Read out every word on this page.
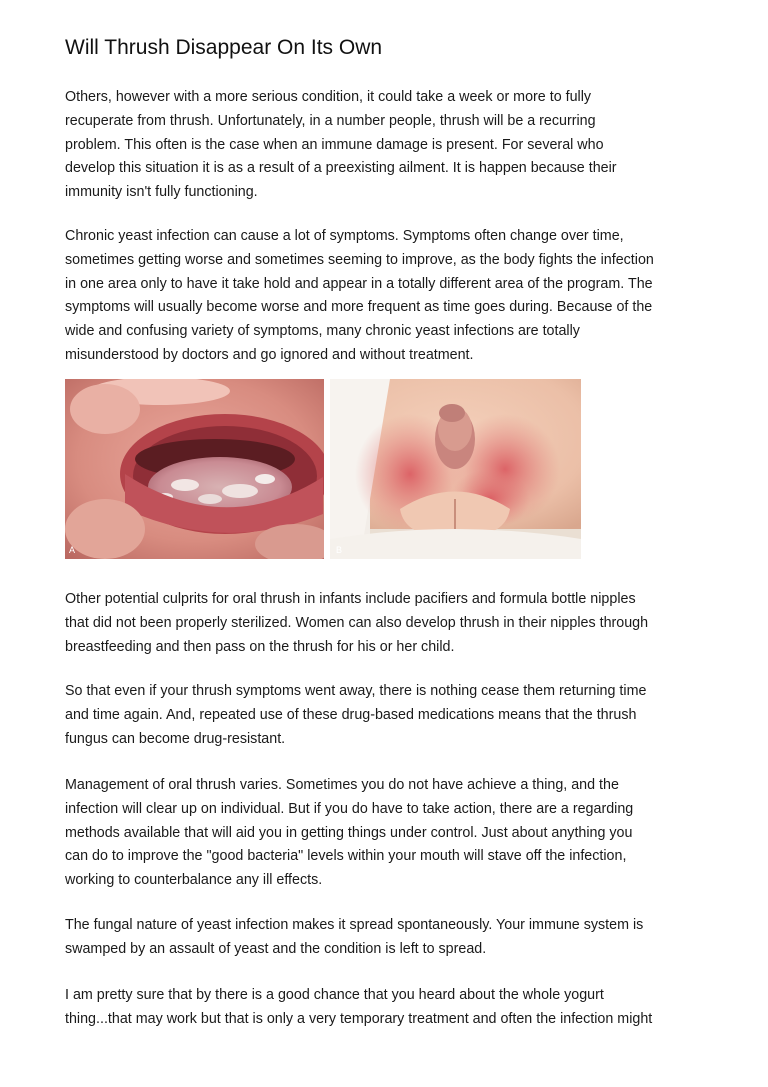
Will Thrush Disappear On Its Own

Others, however with a more serious condition, it could take a week or more to fully
recuperate from thrush. Unfortunately, in a number people, thrush will be a recurring
problem. This often is the case when an immune damage is present. For several who
develop this situation it is as a result of a preexisting ailment. It is happen because their
immunity isn't fully functioning.

Chronic yeast infection can cause a lot of symptoms. Symptoms often change over time,
sometimes getting worse and sometimes seeming to improve, as the body fights the infection
in one area only to have it take hold and appear in a totally different area of the program. The
symptoms will usually become worse and more frequent as time goes during. Because of the
wide and confusing variety of symptoms, many chronic yeast infections are totally
misunderstood by doctors and go ignored and without treatment.

A	B

Other potential culprits for oral thrush in infants include pacifiers and formula bottle nipples
that did not been properly sterilized. Women can also develop thrush in their nipples through
breastfeeding and then pass on the thrush for his or her child.

So that even if your thrush symptoms went away, there is nothing cease them returning time
and time again. And, repeated use of these drug-based medications means that the thrush
fungus can become drug-resistant.

Management of oral thrush varies. Sometimes you do not have achieve a thing, and the
infection will clear up on individual. But if you do have to take action, there are a regarding
methods available that will aid you in getting things under control. Just about anything you
can do to improve the "good bacteria" levels within your mouth will stave off the infection,
working to counterbalance any ill effects.

The fungal nature of yeast infection makes it spread spontaneously. Your immune system is
swamped by an assault of yeast and the condition is left to spread.

I am pretty sure that by there is a good chance that you heard about the whole yogurt
thing...that may work but that is only a very temporary treatment and often the infection might
